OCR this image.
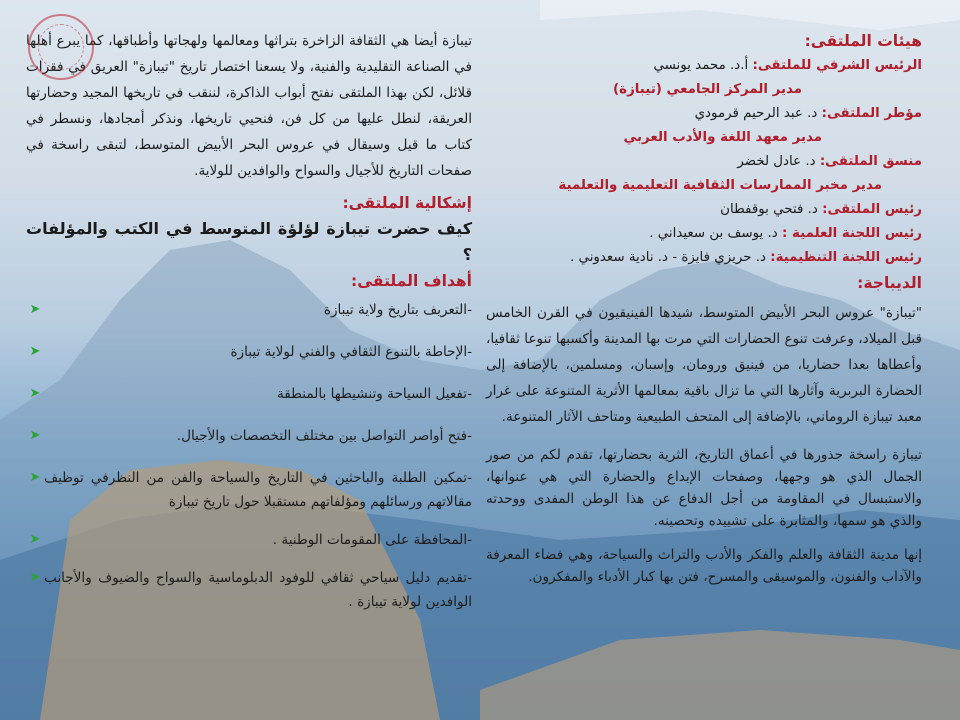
تيبازة أيضا هي الثقافة الزاخرة بتراثها ومعالمها ولهجاتها وأطباقها، كما يبرع أهلها في الصناعة التقليدية والفنية، ولا يسعنا اختصار تاريخ "تيبازة" العريق في فقرات قلائل، لكن بهذا الملتقى نفتح أبواب الذاكرة، لننقب في تاريخها المجيد وحضارتها العريقة، لنطل عليها من كل فن، فنحيي تاريخها، ونذكر أمجادها، ونسطر في كتاب ما قيل وسيقال في عروس البحر الأبيض المتوسط، لتبقى راسخة في صفحات التاريخ للأجيال والسواح والوافدين للولاية.

إشكالية الملتقى:

كيف حضرت تيبازة لؤلؤة المتوسط في الكتب والمؤلفات ؟

أهداف الملتقى:

-التعريف بتاريخ ولاية تيبازة
➤
-الإحاطة بالتنوع الثقافي والفني لولاية تيبازة
➤
-تفعيل السياحة وتنشيطها بالمنطقة
➤
-فتح أواصر التواصل بين مختلف التخصصات والأجيال.
➤
-تمكين الطلبة والباحثين في التاريخ والسياحة والفن من النظرفي توظيف مقالاتهم ورسائلهم ومؤلفاتهم مستقبلا حول تاريخ تيبازة
➤
-المحافظة على المقومات الوطنية .
➤
-تقديم دليل سياحي ثقافي للوفود الدبلوماسية والسواح والضيوف والأجانب الوافدين لولاية تيبازة .
➤

هيئات الملتقى:

الرئيس الشرفي للملتقى: أ.د. محمد يونسي
مدير المركز الجامعي (تيبازة)
مؤطر الملتقى: د. عبد الرحيم قرمودي
مدير معهد اللغة والأدب العربي
منسق الملتقى: د. عادل لخضر
مدير مخبر الممارسات الثقافية التعليمية والتعلمية
رئيس الملتقى: د. فتحي بوقفطان
رئيس اللجنة العلمية : د. يوسف بن سعيداني .
رئيس اللجنة التنظيمية: د. حريزي فايزة - د. نادية سعدوني .

الديباجة:

"تيبازة" عروس البحر الأبيض المتوسط، شيدها الفينيقيون في القرن الخامس قبل الميلاد، وعرفت تنوع الحضارات التي مرت بها المدينة وأكسبها تنوعا ثقافيا، وأعطاها بعدا حضاريا، من فينيق ورومان، وإسبان، ومسلمين، بالإضافة إلى الحضارة البربرية وآثارها التي ما تزال باقية بمعالمها الأثرية المتنوعة على غرار معبد تيبازة الروماني، بالإضافة إلى المتحف الطبيعية ومتاحف الآثار المتنوعة.

تيبازة راسخة جذورها في أعماق التاريخ، الثرية بحضارتها، تقدم لكم من صور الجمال الذي هو وجهها، وصفحات الإبداع والحضارة التي هي عنوانها، والاستبسال في المقاومة من أجل الدفاع عن هذا الوطن المفدى ووحدته والذي هو سمها، والمثابرة على تشييده وتحصينه.

إنها مدينة الثقافة والعلم والفكر والأدب والتراث والسياحة، وهي فضاء المعرفة والآداب والفنون، والموسيقى والمسرح، فتن بها كبار الأدباء والمفكرون.
